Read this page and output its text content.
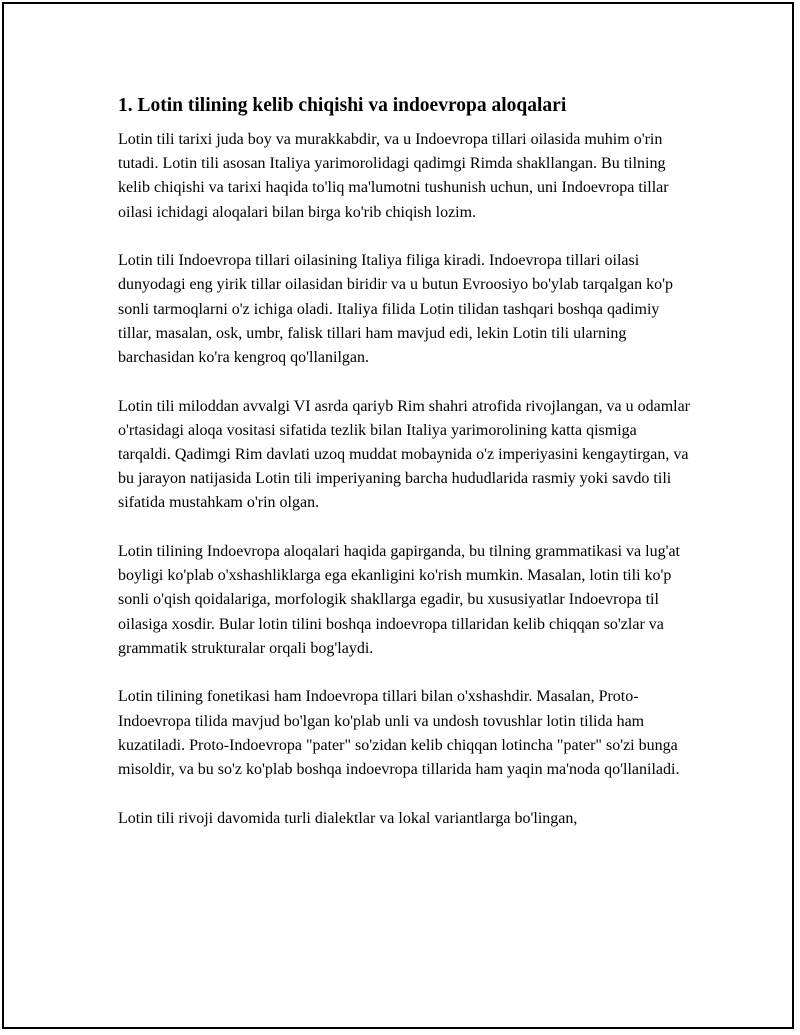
1. Lotin tilining kelib chiqishi va indoevropa aloqalari

Lotin tili tarixi juda boy va murakkabdir, va u Indoevropa tillari oilasida muhim o'rin tutadi. Lotin tili asosan Italiya yarimorolidagi qadimgi Rimda shakllangan. Bu tilning kelib chiqishi va tarixi haqida to'liq ma'lumotni tushunish uchun, uni Indoevropa tillar oilasi ichidagi aloqalari bilan birga ko'rib chiqish lozim.

Lotin tili Indoevropa tillari oilasining Italiya filiga kiradi. Indoevropa tillari oilasi dunyodagi eng yirik tillar oilasidan biridir va u butun Evroosiyo bo'ylab tarqalgan ko'p sonli tarmoqlarni o'z ichiga oladi. Italiya filida Lotin tilidan tashqari boshqa qadimiy tillar, masalan, osk, umbr, falisk tillari ham mavjud edi, lekin Lotin tili ularning barchasidan ko'ra kengroq qo'llanilgan.

Lotin tili miloddan avvalgi VI asrda qariyb Rim shahri atrofida rivojlangan, va u odamlar o'rtasidagi aloqa vositasi sifatida tezlik bilan Italiya yarimorolining katta qismiga tarqaldi. Qadimgi Rim davlati uzoq muddat mobaynida o'z imperiyasini kengaytirgan, va bu jarayon natijasida Lotin tili imperiyaning barcha hududlarida rasmiy yoki savdo tili sifatida mustahkam o'rin olgan.

Lotin tilining Indoevropa aloqalari haqida gapirganda, bu tilning grammatikasi va lug'at boyligi ko'plab o'xshashliklarga ega ekanligini ko'rish mumkin. Masalan, lotin tili ko'p sonli o'qish qoidalariga, morfologik shakllarga egadir, bu xususiyatlar Indoevropa til oilasiga xosdir. Bular lotin tilini boshqa indoevropa tillaridan kelib chiqqan so'zlar va grammatik strukturalar orqali bog'laydi.

Lotin tilining fonetikasi ham Indoevropa tillari bilan o'xshashdir. Masalan, Proto-Indoevropa tilida mavjud bo'lgan ko'plab unli va undosh tovushlar lotin tilida ham kuzatiladi. Proto-Indoevropa "pater" so'zidan kelib chiqqan lotincha "pater" so'zi bunga misoldir, va bu so'z ko'plab boshqa indoevropa tillarida ham yaqin ma'noda qo'llaniladi.

Lotin tili rivoji davomida turli dialektlar va lokal variantlarga bo'lingan,
